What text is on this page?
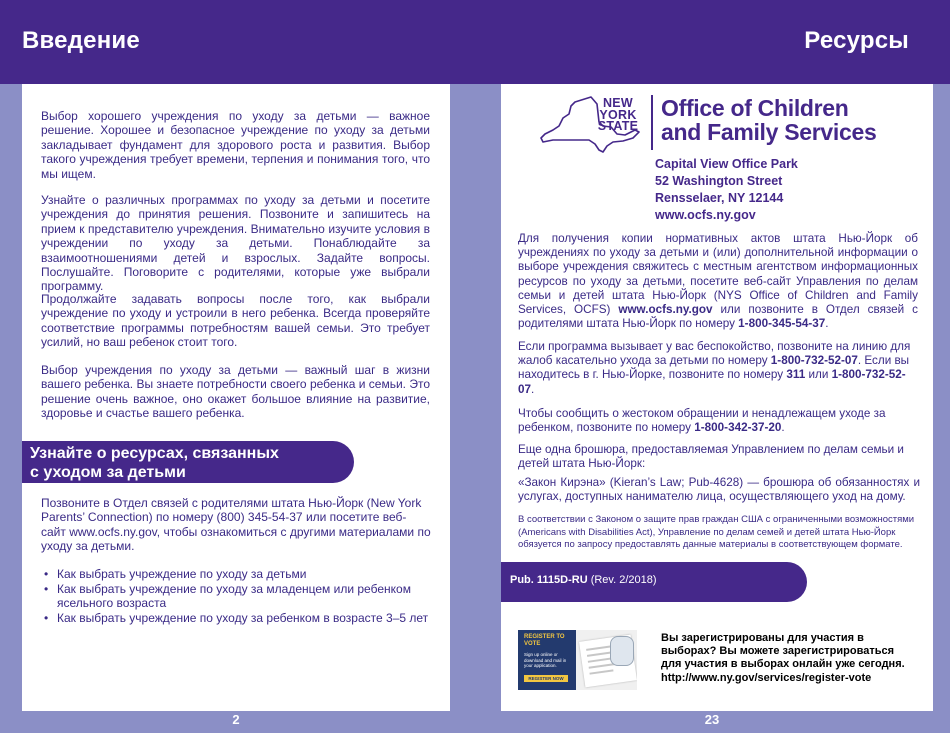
Введение	Ресурсы
Выбор хорошего учреждения по уходу за детьми — важное решение. Хорошее и безопасное учреждение по уходу за детьми закладывает фундамент для здорового роста и развития. Выбор такого учреждения требует времени, терпения и понимания того, что мы ищем.
Узнайте о различных программах по уходу за детьми и посетите учреждения до принятия решения. Позвоните и запишитесь на прием к представителю учреждения. Внимательно изучите условия в учреждении по уходу за детьми. Понаблюдайте за взаимоотношениями детей и взрослых. Задайте вопросы. Послушайте. Поговорите с родителями, которые уже выбрали программу.
Продолжайте задавать вопросы после того, как выбрали учреждение по уходу и устроили в него ребенка. Всегда проверяйте соответствие программы потребностям вашей семьи. Это требует усилий, но ваш ребенок стоит того.
Выбор учреждения по уходу за детьми — важный шаг в жизни вашего ребенка. Вы знаете потребности своего ребенка и семьи. Это решение очень важное, оно окажет большое влияние на развитие, здоровье и счастье вашего ребенка.
Узнайте о ресурсах, связанных
с уходом за детьми
Позвоните в Отдел связей с родителями штата Нью-Йорк (New York Parents’ Connection) по номеру (800) 345-54-37 или посетите веб-сайт www.ocfs.ny.gov, чтобы ознакомиться с другими материалами по уходу за детьми.
• Как выбрать учреждение по уходу за детьми
• Как выбрать учреждение по уходу за младенцем или ребенком ясельного возраста
• Как выбрать учреждение по уходу за ребенком в возрасте 3–5 лет
2
NEW
YORK
STATE
Office of Children
and Family Services
Capital View Office Park
52 Washington Street
Rensselaer, NY 12144
www.ocfs.ny.gov
Для получения копии нормативных актов штата Нью-Йорк об учреждениях по уходу за детьми и (или) дополнительной информации о выборе учреждения свяжитесь с местным агентством информационных ресурсов по уходу за детьми, посетите веб-сайт Управления по делам семьи и детей штата Нью-Йорк (NYS Office of Children and Family Services, OCFS) www.ocfs.ny.gov или позвоните в Отдел связей с родителями штата Нью-Йорк по номеру 1-800-345-54-37.
Если программа вызывает у вас беспокойство, позвоните на линию для жалоб касательно ухода за детьми по номеру 1-800-732-52-07. Если вы находитесь в г. Нью-Йорке, позвоните по номеру 311 или 1-800-732-52-07.
Чтобы сообщить о жестоком обращении и ненадлежащем уходе за ребенком, позвоните по номеру 1-800-342-37-20.
Еще одна брошюра, предоставляемая Управлением по делам семьи и детей штата Нью-Йорк:
«Закон Кирэна» (Kieran’s Law; Pub-4628) — брошюра об обязанностях и услугах, доступных нанимателю лица, осуществляющего уход на дому.
В соответствии с Законом о защите прав граждан США с ограниченными возможностями (Americans with Disabilities Act), Управление по делам семей и детей штата Нью-Йорк обязуется по запросу предоставлять данные материалы в соответствующем формате.
Pub. 1115D-RU (Rev. 2/2018)
REGISTER TO VOTE
Sign up online or download and mail in your application.
REGISTER NOW
Вы зарегистрированы для участия в
выборах? Вы можете зарегистрироваться
для участия в выборах онлайн уже сегодня.
http://www.ny.gov/services/register-vote
23
